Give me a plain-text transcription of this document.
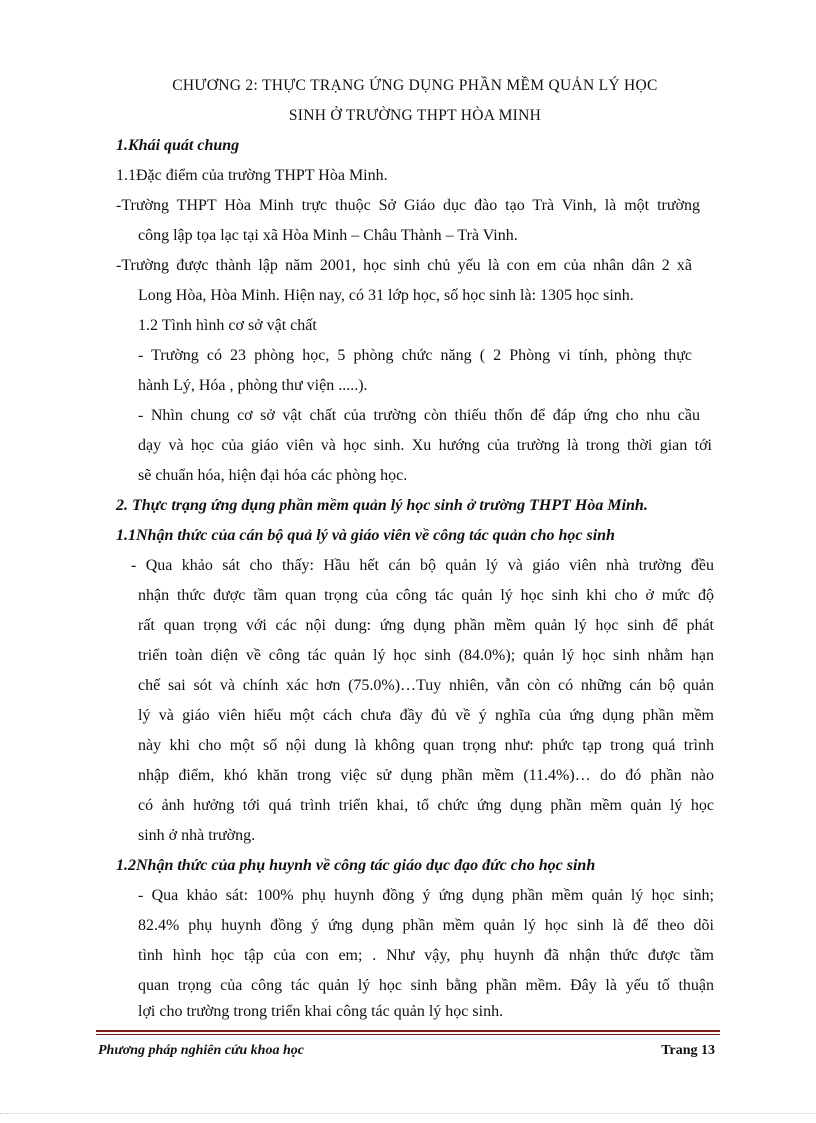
CHƯƠNG 2: THỰC TRẠNG ỨNG DỤNG PHẦN MỀM QUẢN LÝ HỌC
SINH Ở TRƯỜNG THPT HÒA MINH
1.Khái quát chung
1.1Đặc điểm của trường THPT Hòa Minh.
-Trường THPT Hòa Minh trực thuộc Sở Giáo dục đào tạo Trà Vinh, là một trường
công lập tọa lạc tại xã Hòa Minh – Châu Thành – Trà Vinh.
-Trường được thành lập năm 2001, học sinh chủ yếu là con em của nhân dân 2 xã
Long Hòa, Hòa Minh. Hiện nay, có 31 lớp học, số học sinh là: 1305 học sinh.
1.2 Tình hình cơ sở vật chất
- Trường có 23 phòng học, 5 phòng chức năng ( 2 Phòng vi tính, phòng thực
hành Lý, Hóa , phòng thư viện .....).
- Nhìn chung cơ sở vật chất của trường còn thiếu thốn để đáp ứng cho nhu cầu
dạy và học của giáo viên và học sinh. Xu hướng của trường là trong thời gian tới
sẽ chuẩn hóa, hiện đại hóa các phòng học.
2. Thực trạng ứng dụng phần mềm quản lý học sinh ở trường THPT Hòa Minh.
1.1Nhận thức của cán bộ quả lý và giáo viên về công tác quản cho học sinh
- Qua khảo sát cho thấy: Hầu hết cán bộ quản lý và giáo viên nhà trường đều
nhận thức được tầm quan trọng của công tác quản lý học sinh khi cho ở mức độ
rất quan trọng với các nội dung: ứng dụng phần mềm quản lý học sinh để phát
triển toàn diện về công tác quản lý học sinh (84.0%); quản lý học sinh nhằm hạn
chế sai sót và chính xác hơn (75.0%)…Tuy nhiên, vẫn còn có những cán bộ quản
lý và giáo viên hiểu một cách chưa đầy đủ về ý nghĩa của ứng dụng phần mềm
này khi cho một số nội dung là không quan trọng như: phức tạp trong quá trình
nhập điểm, khó khăn trong việc sử dụng phần mềm (11.4%)… do đó phần nào
có ảnh hưởng tới quá trình triển khai, tổ chức ứng dụng phần mềm quản lý học
sinh ở nhà trường.
1.2Nhận thức của phụ huynh về công tác giáo dục đạo đức cho học sinh
- Qua khảo sát: 100% phụ huynh đồng ý ứng dụng phần mềm quản lý học sinh;
82.4% phụ huynh đồng ý ứng dụng phần mềm quản lý học sinh là để theo dõi
tình hình học tập của con em; . Như vậy, phụ huynh đã nhận thức được tầm
quan trọng của công tác quản lý học sinh bằng phần mềm. Đây là yếu tố thuận
lợi cho trường trong triển khai công tác quản lý học sinh.
Phương pháp nghiên cứu khoa học	Trang 13
